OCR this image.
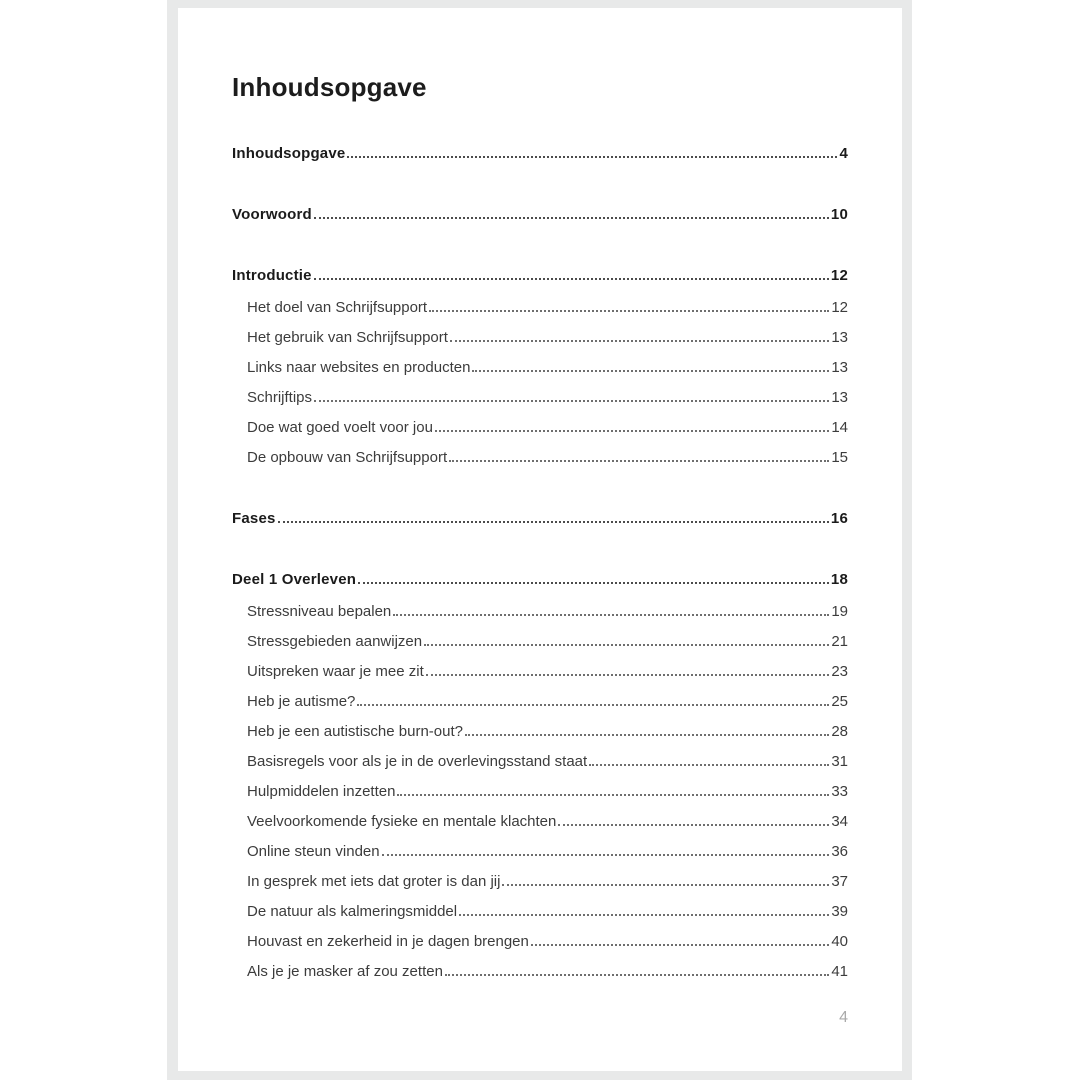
Inhoudsopgave
Inhoudsopgave	4
Voorwoord	10
Introductie	12
Het doel van Schrijfsupport	12
Het gebruik van Schrijfsupport	13
Links naar websites en producten	13
Schrijftips	13
Doe wat goed voelt voor jou	14
De opbouw van Schrijfsupport	15
Fases	16
Deel 1 Overleven	18
Stressniveau bepalen	19
Stressgebieden aanwijzen	21
Uitspreken waar je mee zit	23
Heb je autisme?	25
Heb je een autistische burn-out?	28
Basisregels voor als je in de overlevingsstand staat	31
Hulpmiddelen inzetten	33
Veelvoorkomende fysieke en mentale klachten	34
Online steun vinden	36
In gesprek met iets dat groter is dan jij	37
De natuur als kalmeringsmiddel	39
Houvast en zekerheid in je dagen brengen	40
Als je je masker af zou zetten	41
4
